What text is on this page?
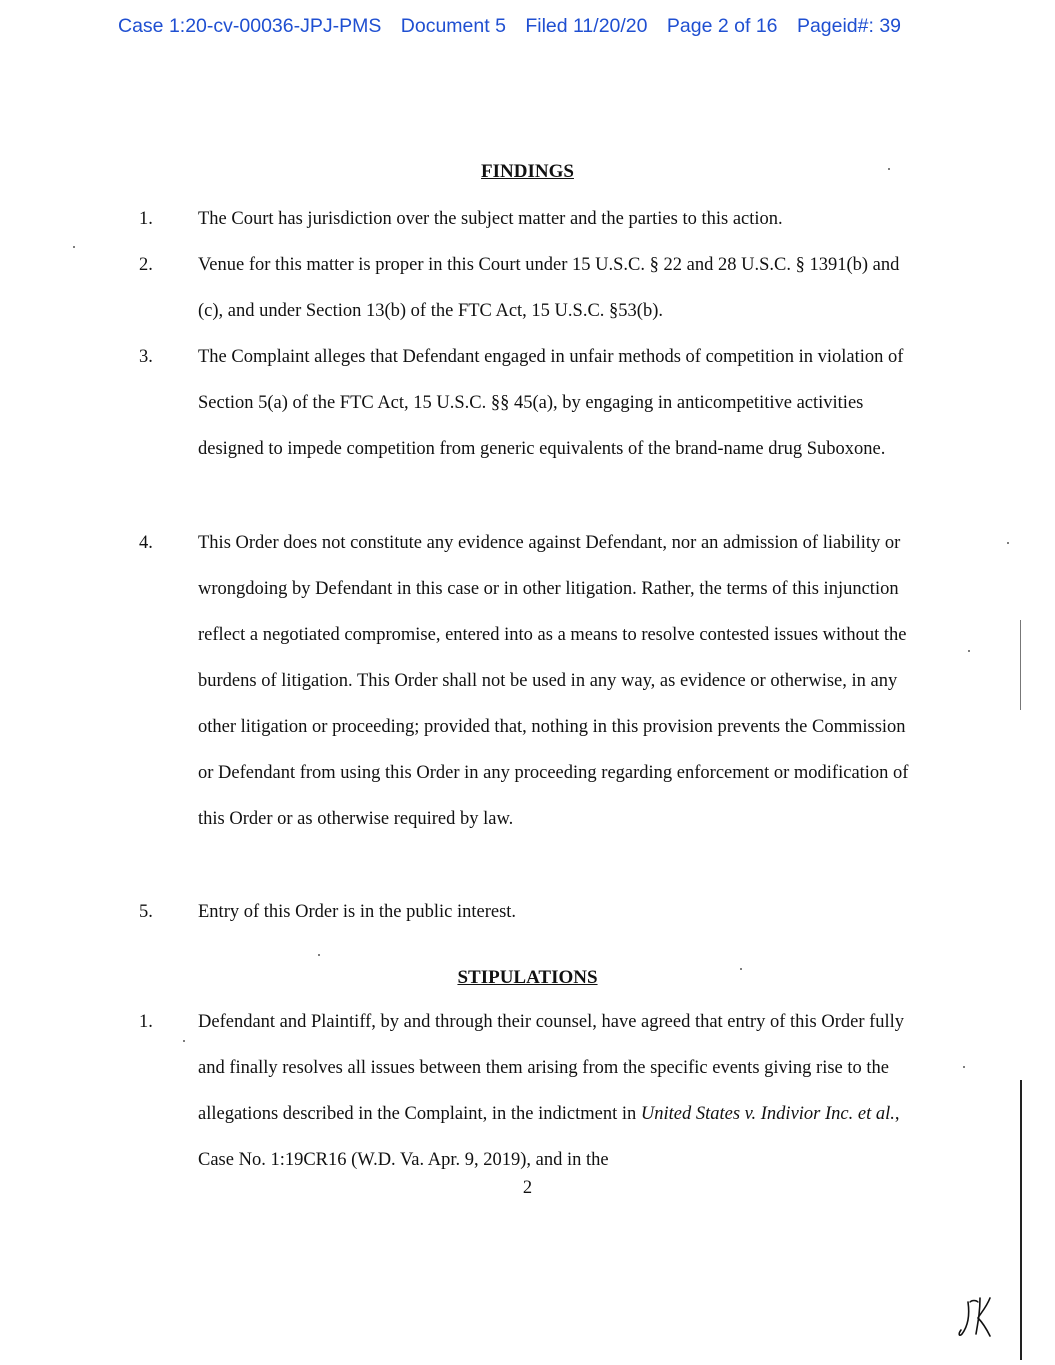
Case 1:20-cv-00036-JPJ-PMS Document 5 Filed 11/20/20 Page 2 of 16 Pageid#: 39
FINDINGS
1. The Court has jurisdiction over the subject matter and the parties to this action.

2. Venue for this matter is proper in this Court under 15 U.S.C. § 22 and 28 U.S.C. § 1391(b) and (c), and under Section 13(b) of the FTC Act, 15 U.S.C. §53(b).

3. The Complaint alleges that Defendant engaged in unfair methods of competition in violation of Section 5(a) of the FTC Act, 15 U.S.C. §§ 45(a), by engaging in anticompetitive activities designed to impede competition from generic equivalents of the brand-name drug Suboxone.

4. This Order does not constitute any evidence against Defendant, nor an admission of liability or wrongdoing by Defendant in this case or in other litigation. Rather, the terms of this injunction reflect a negotiated compromise, entered into as a means to resolve contested issues without the burdens of litigation. This Order shall not be used in any way, as evidence or otherwise, in any other litigation or proceeding; provided that, nothing in this provision prevents the Commission or Defendant from using this Order in any proceeding regarding enforcement or modification of this Order or as otherwise required by law.

5. Entry of this Order is in the public interest.

STIPULATIONS
1. Defendant and Plaintiff, by and through their counsel, have agreed that entry of this Order fully and finally resolves all issues between them arising from the specific events giving rise to the allegations described in the Complaint, in the indictment in United States v. Indivior Inc. et al., Case No. 1:19CR16 (W.D. Va. Apr. 9, 2019), and in the

2
